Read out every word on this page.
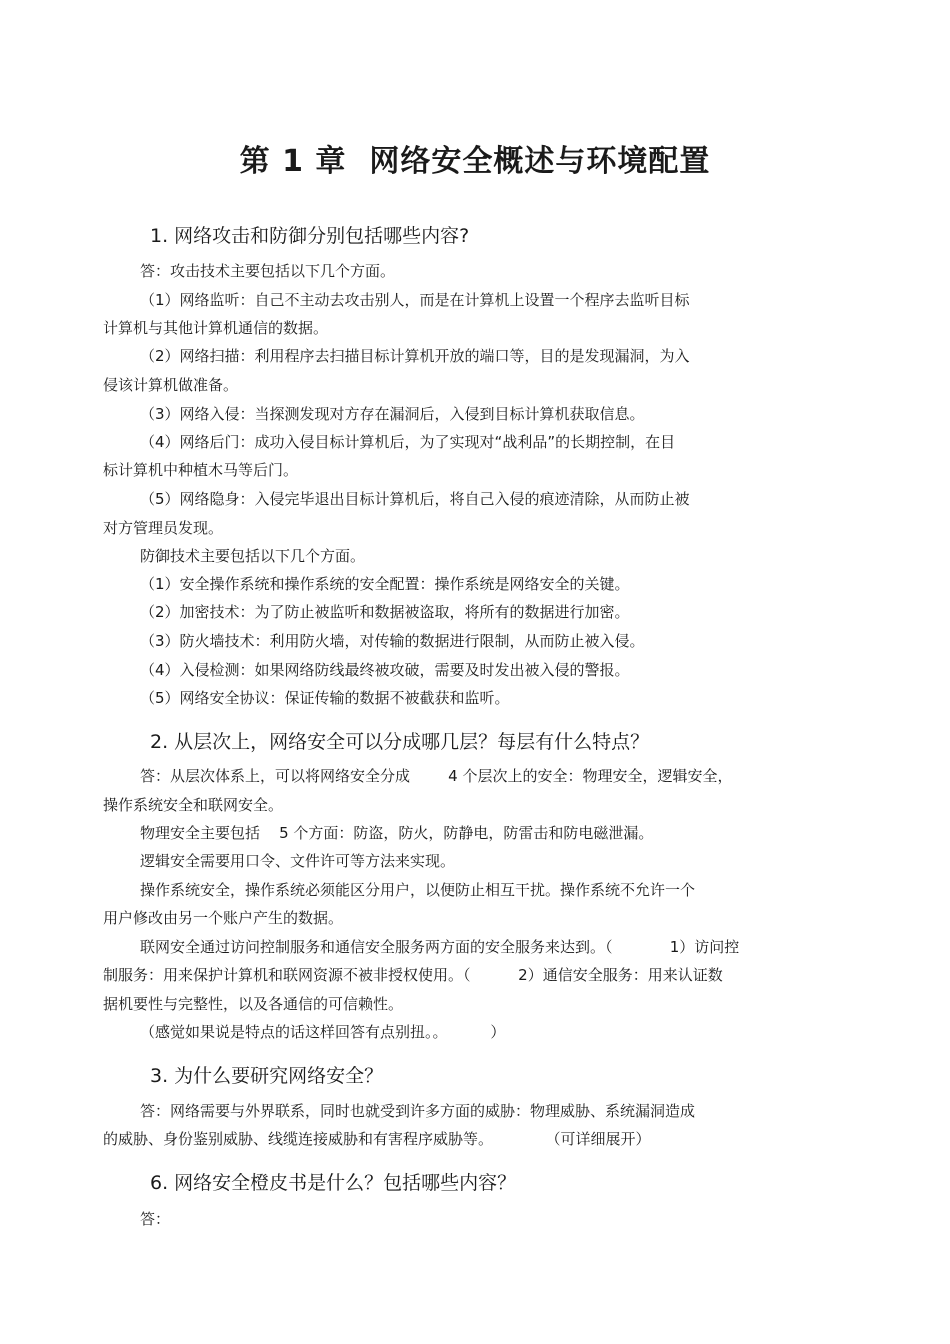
第 1 章  网络安全概述与环境配置

1. 网络攻击和防御分别包括哪些内容?

答：攻击技术主要包括以下几个方面。

（1）网络监听：自己不主动去攻击别人，而是在计算机上设置一个程序去监听目标

计算机与其他计算机通信的数据。

（2）网络扫描：利用程序去扫描目标计算机开放的端口等，目的是发现漏洞，为入

侵该计算机做准备。

（3）网络入侵：当探测发现对方存在漏洞后，入侵到目标计算机获取信息。

（4）网络后门：成功入侵目标计算机后，为了实现对“战利品”的长期控制，在目

标计算机中种植木马等后门。

（5）网络隐身：入侵完毕退出目标计算机后，将自己入侵的痕迹清除，从而防止被

对方管理员发现。

防御技术主要包括以下几个方面。

（1）安全操作系统和操作系统的安全配置：操作系统是网络安全的关键。

（2）加密技术：为了防止被监听和数据被盗取，将所有的数据进行加密。

（3）防火墙技术：利用防火墙，对传输的数据进行限制，从而防止被入侵。

（4）入侵检测：如果网络防线最终被攻破，需要及时发出被入侵的警报。

（5）网络安全协议：保证传输的数据不被截获和监听。

2. 从层次上，网络安全可以分成哪几层？每层有什么特点？

答：从层次体系上，可以将网络安全分成        4 个层次上的安全：物理安全，逻辑安全，

操作系统安全和联网安全。

物理安全主要包括    5 个方面：防盗，防火，防静电，防雷击和防电磁泄漏。

逻辑安全需要用口令、文件许可等方法来实现。

操作系统安全，操作系统必须能区分用户，以便防止相互干扰。操作系统不允许一个

用户修改由另一个账户产生的数据。

联网安全通过访问控制服务和通信安全服务两方面的安全服务来达到。（            1）访问控

制服务：用来保护计算机和联网资源不被非授权使用。（          2）通信安全服务：用来认证数

据机要性与完整性，以及各通信的可信赖性。

（感觉如果说是特点的话这样回答有点别扭。。         ）

3. 为什么要研究网络安全？

答：网络需要与外界联系，同时也就受到许多方面的威胁：物理威胁、系统漏洞造成

的威胁、身份鉴别威胁、线缆连接威胁和有害程序威胁等。           （可详细展开）

6. 网络安全橙皮书是什么？包括哪些内容？

答：
